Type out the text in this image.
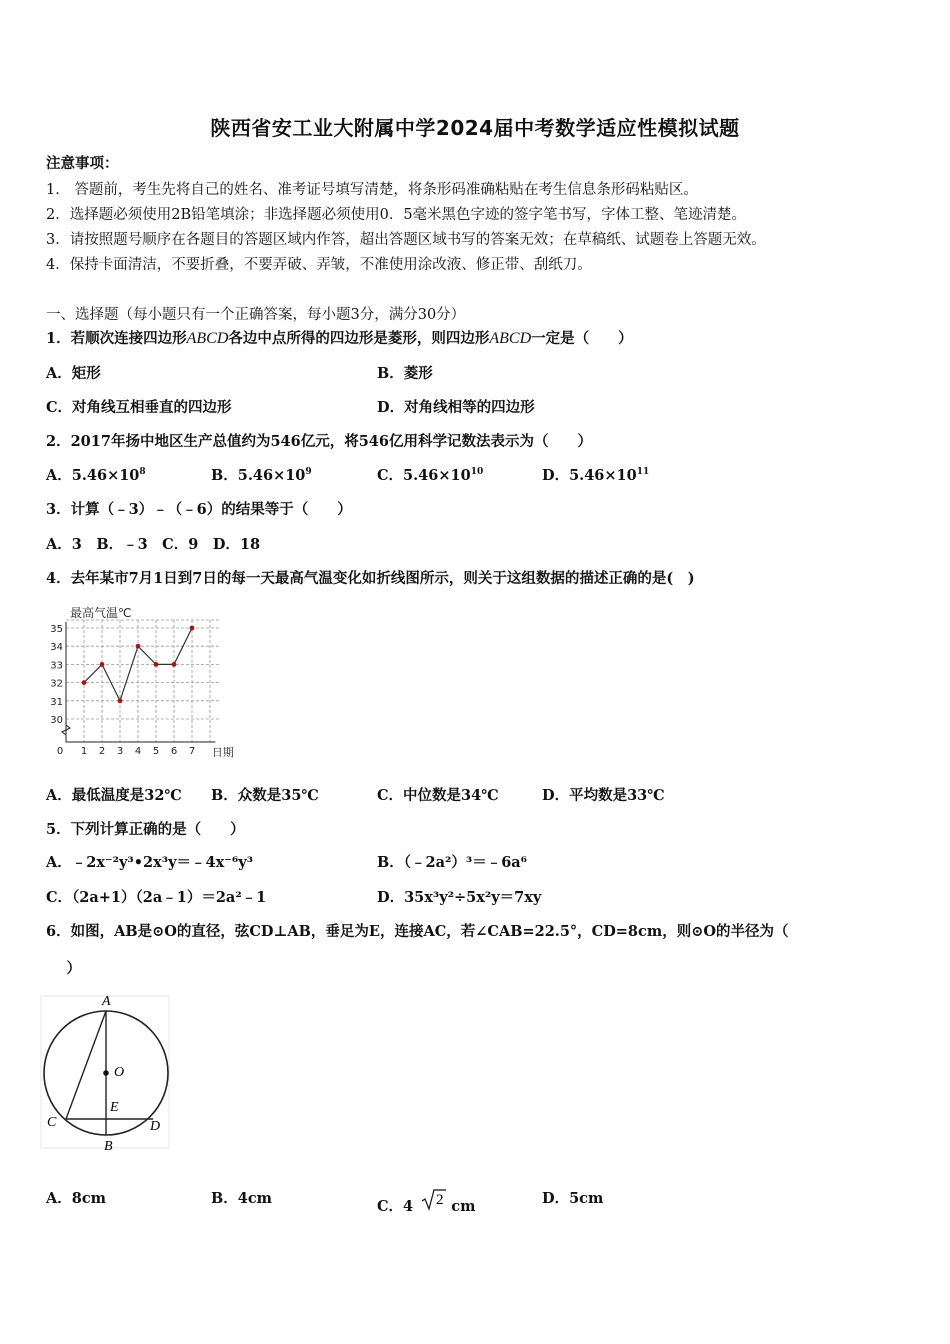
陕西省安工业大附属中学2024届中考数学适应性模拟试题
注意事项：
1． 答题前，考生先将自己的姓名、准考证号填写清楚，将条形码准确粘贴在考生信息条形码粘贴区。
2．选择题必须使用2B铅笔填涂；非选择题必须使用0．5毫米黑色字迹的签字笔书写，字体工整、笔迹清楚。
3．请按照题号顺序在各题目的答题区域内作答，超出答题区域书写的答案无效；在草稿纸、试题卷上答题无效。
4．保持卡面清洁，不要折叠，不要弄破、弄皱，不准使用涂改液、修正带、刮纸刀。
一、选择题（每小题只有一个正确答案，每小题3分，满分30分）
1．若顺次连接四边形ABCD各边中点所得的四边形是菱形，则四边形ABCD一定是（　　）
A．矩形	B．菱形
C．对角线互相垂直的四边形	D．对角线相等的四边形
2．2017年扬中地区生产总值约为546亿元，将546亿用科学记数法表示为（　　）
A．$5.46\times 10^8$	B．$5.46\times 10^9$	C．$5.46\times 10^{10}$	D．$5.46\times 10^{11}$
3．计算（﹣3）﹣（﹣6）的结果等于（　　）
A．3　B．﹣3　C．9　D．18
4．去年某市7月1日到7日的每一天最高气温变化如折线图所示，则关于这组数据的描述正确的是(　)
最高气温℃
30
31
32
33
34
35
0 1 2 3 4 5 6 7 日期
A．最低温度是32℃ B．众数是35℃	C．中位数是34℃	D．平均数是33℃
5．下列计算正确的是（　　）
A．﹣2x⁻²y³•2x³y＝﹣4x⁻⁶y³	B．（﹣2a²）³＝﹣6a⁶
C．（2a+1）（2a﹣1）＝2a²﹣1	D．35x³y²÷5x²y＝7xy
6．如图，AB是⊙O的直径，弦CD⊥AB，垂足为E，连接AC，若∠CAB=22.5°，CD=8cm，则⊙O的半径为（
　）
A
O
E
C	D
B
A．8cm	B．4cm	C．4 2 cm	D．5cm
